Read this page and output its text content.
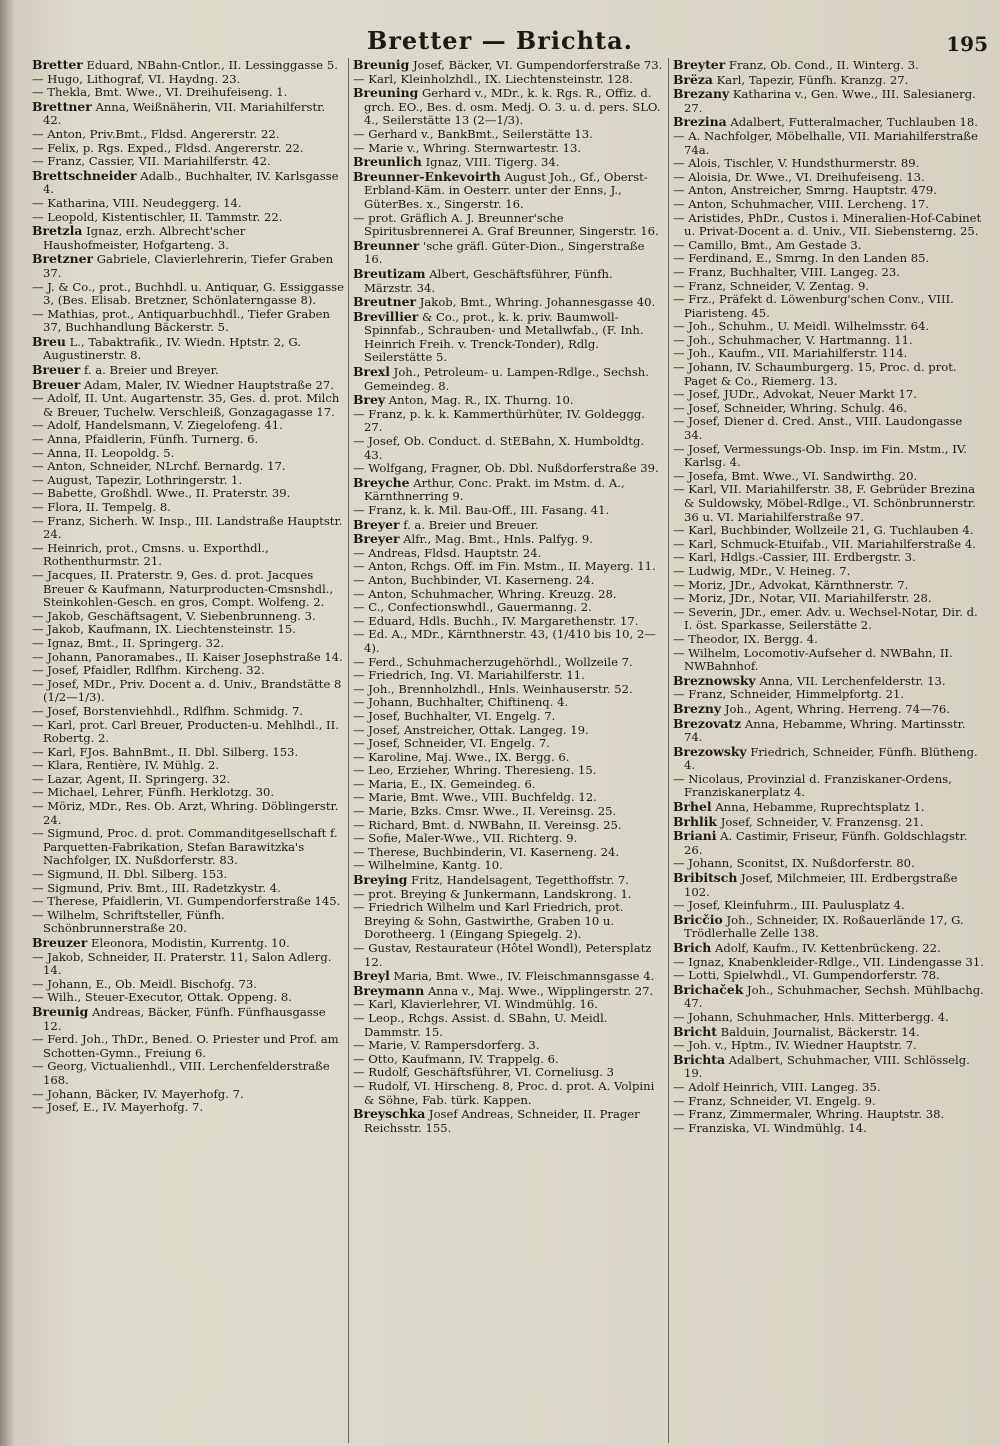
Bretter — Brichta.	195

Bretter Eduard, NBahn-Cntlor., II. Lessinggasse 5.

— Hugo, Lithograf, VI. Haydng. 23.

— Thekla, Bmt. Wwe., VI. Dreihufeiseng. 1.

Brettner Anna, Weißnäherin, VII. Mariahilferstr. 42.

— Anton, Priv.Bmt., Fldsd. Angererstr. 22.

— Felix, p. Rgs. Exped., Fldsd. Angererstr. 22.

— Franz, Cassier, VII. Mariahilferstr. 42.

Brettschneider Adalb., Buchhalter, IV. Karlsgasse 4.

— Katharina, VIII. Neudeggerg. 14.

— Leopold, Kistentischler, II. Tammstr. 22.

Bretzla Ignaz, erzh. Albrecht'scher Haushofmeister, Hofgarteng. 3.

Bretzner Gabriele, Clavierlehrerin, Tiefer Graben 37.

— J. & Co., prot., Buchhdl. u. Antiquar, G. Essiggasse 3, (Bes. Elisab. Bretzner, Schönlaterngasse 8).

— Mathias, prot., Antiquarbuchhdl., Tiefer Graben 37, Buchhandlung Bäckerstr. 5.

Breu L., Tabaktrafik., IV. Wiedn. Hptstr. 2, G. Augustinerstr. 8.

Breuer f. a. Breier und Breyer.

Breuer Adam, Maler, IV. Wiedner Hauptstraße 27.

— Adolf, II. Unt. Augartenstr. 35, Ges. d. prot. Milch & Breuer, Tuchelw. Verschleiß, Gonzagagasse 17.

— Adolf, Handelsmann, V. Ziegelofeng. 41.

— Anna, Pfaidlerin, Fünfh. Turnerg. 6.

— Anna, II. Leopoldg. 5.

— Anton, Schneider, NLrchf. Bernardg. 17.

— August, Tapezir, Lothringerstr. 1.

— Babette, Großhdl. Wwe., II. Praterstr. 39.

— Flora, II. Tempelg. 8.

— Franz, Sicherh. W. Insp., III. Landstraße Hauptstr. 24.

— Heinrich, prot., Cmsns. u. Exporthdl., Rothenthurmstr. 21.

— Jacques, II. Praterstr. 9, Ges. d. prot. Jacques Breuer & Kaufmann, Naturproducten-Cmsnshdl., Steinkohlen-Gesch. en gros, Compt. Wolfeng. 2.

— Jakob, Geschäftsagent, V. Siebenbrunneng. 3.

— Jakob, Kaufmann, IX. Liechtensteinstr. 15.

— Ignaz, Bmt., II. Springerg. 32.

— Johann, Panoramabes., II. Kaiser Josephstraße 14.

— Josef, Pfaidler, Rdlfhm. Kircheng. 32.

— Josef, MDr., Priv. Docent a. d. Univ., Brandstätte 8 (1/2—1/3).

— Josef, Borstenviehhdl., Rdlfhm. Schmidg. 7.

— Karl, prot. Carl Breuer, Producten-u. Mehlhdl., II. Robertg. 2.

— Karl, FJos. BahnBmt., II. Dbl. Silberg. 153.

— Klara, Rentière, IV. Mühlg. 2.

— Lazar, Agent, II. Springerg. 32.

— Michael, Lehrer, Fünfh. Herklotzg. 30.

— Möriz, MDr., Res. Ob. Arzt, Whring. Döblingerstr. 24.

— Sigmund, Proc. d. prot. Commanditgesellschaft f. Parquetten-Fabrikation, Stefan Barawitzka's Nachfolger, IX. Nußdorferstr. 83.

— Sigmund, II. Dbl. Silberg. 153.

— Sigmund, Priv. Bmt., III. Radetzkystr. 4.

— Therese, Pfaidlerin, VI. Gumpendorferstraße 145.

— Wilhelm, Schriftsteller, Fünfh. Schönbrunnerstraße 20.

Breuzer Eleonora, Modistin, Kurrentg. 10.

— Jakob, Schneider, II. Praterstr. 11, Salon Adlerg. 14.

— Johann, E., Ob. Meidl. Bischofg. 73.

— Wilh., Steuer-Executor, Ottak. Oppeng. 8.

Breunig Andreas, Bäcker, Fünfh. Fünfhausgasse 12.

— Ferd. Joh., ThDr., Bened. O. Priester und Prof. am Schotten-Gymn., Freiung 6.

— Georg, Victualienhdl., VIII. Lerchenfelderstraße 168.

— Johann, Bäcker, IV. Mayerhofg. 7.

— Josef, E., IV. Mayerhofg. 7.

Breunig Josef, Bäcker, VI. Gumpendorferstraße 73.

— Karl, Kleinholzhdl., IX. Liechtensteinstr. 128.

Breuning Gerhard v., MDr., k. k. Rgs. R., Offiz. d. grch. EO., Bes. d. osm. Medj. O. 3. u. d. pers. SLO. 4., Seilerstätte 13 (2—1/3).

— Gerhard v., BankBmt., Seilerstätte 13.

— Marie v., Whring. Sternwartestr. 13.

Breunlich Ignaz, VIII. Tigerg. 34.

Breunner-Enkevoirth August Joh., Gf., Oberst-Erbland-Käm. in Oesterr. unter der Enns, J., GüterBes. x., Singerstr. 16.

— prot. Gräflich A. J. Breunner'sche Spiritusbrennerei A. Graf Breunner, Singerstr. 16.

Breunner 'sche gräfl. Güter-Dion., Singerstraße 16.

Breutizam Albert, Geschäftsführer, Fünfh. Märzstr. 34.

Breutner Jakob, Bmt., Whring. Johannesgasse 40.

Brevillier & Co., prot., k. k. priv. Baumwoll-Spinnfab., Schrauben- und Metallwfab., (F. Inh. Heinrich Freih. v. Trenck-Tonder), Rdlg. Seilerstätte 5.

Brexl Joh., Petroleum- u. Lampen-Rdlge., Sechsh. Gemeindeg. 8.

Brey Anton, Mag. R., IX. Thurng. 10.

— Franz, p. k. k. Kammerthürhüter, IV. Goldeggg. 27.

— Josef, Ob. Conduct. d. StEBahn, X. Humboldtg. 43.

— Wolfgang, Fragner, Ob. Dbl. Nußdorferstraße 39.

Breyche Arthur, Conc. Prakt. im Mstm. d. A., Kärnthnerring 9.

— Franz, k. k. Mil. Bau-Off., III. Fasang. 41.

Breyer f. a. Breier und Breuer.

Breyer Alfr., Mag. Bmt., Hnls. Palfyg. 9.

— Andreas, Fldsd. Hauptstr. 24.

— Anton, Rchgs. Off. im Fin. Mstm., II. Mayerg. 11.

— Anton, Buchbinder, VI. Kaserneng. 24.

— Anton, Schuhmacher, Whring. Kreuzg. 28.

— C., Confectionswhdl., Gauermanng. 2.

— Eduard, Hdls. Buchh., IV. Margarethenstr. 17.

— Ed. A., MDr., Kärnthnerstr. 43, (1/410 bis 10, 2—4).

— Ferd., Schuhmacherzugehörhdl., Wollzeile 7.

— Friedrich, Ing. VI. Mariahilferstr. 11.

— Joh., Brennholzhdl., Hnls. Weinhauserstr. 52.

— Johann, Buchhalter, Chiftinenq. 4.

— Josef, Buchhalter, VI. Engelg. 7.

— Josef, Anstreicher, Ottak. Langeg. 19.

— Josef, Schneider, VI. Engelg. 7.

— Karoline, Maj. Wwe., IX. Bergg. 6.

— Leo, Erzieher, Whring. Theresieng. 15.

— Maria, E., IX. Gemeindeg. 6.

— Marie, Bmt. Wwe., VIII. Buchfeldg. 12.

— Marie, Bzks. Cmsr. Wwe., II. Vereinsg. 25.

— Richard, Bmt. d. NWBahn, II. Vereinsg. 25.

— Sofie, Maler-Wwe., VII. Richterg. 9.

— Therese, Buchbinderin, VI. Kaserneng. 24.

— Wilhelmine, Kantg. 10.

Breying Fritz, Handelsagent, Tegetthoffstr. 7.

— prot. Breying & Junkermann, Landskrong. 1.

— Friedrich Wilhelm und Karl Friedrich, prot. Breying & Sohn, Gastwirthe, Graben 10 u. Dorotheerg. 1 (Eingang Spiegelg. 2).

— Gustav, Restaurateur (Hôtel Wondl), Petersplatz 12.

Breyl Maria, Bmt. Wwe., IV. Fleischmannsgasse 4.

Breymann Anna v., Maj. Wwe., Wipplingerstr. 27.

— Karl, Klavierlehrer, VI. Windmühlg. 16.

— Leop., Rchgs. Assist. d. SBahn, U. Meidl. Dammstr. 15.

— Marie, V. Rampersdorferg. 3.

— Otto, Kaufmann, IV. Trappelg. 6.

— Rudolf, Geschäftsführer, VI. Corneliusg. 3

— Rudolf, VI. Hirscheng. 8, Proc. d. prot. A. Volpini & Söhne, Fab. türk. Kappen.

Breyschka Josef Andreas, Schneider, II. Prager Reichsstr. 155.

Breyter Franz, Ob. Cond., II. Winterg. 3.

Brëza Karl, Tapezir, Fünfh. Kranzg. 27.

Brezany Katharina v., Gen. Wwe., III. Salesianerg. 27.

Brezina Adalbert, Futteralmacher, Tuchlauben 18.

— A. Nachfolger, Möbelhalle, VII. Mariahilferstraße 74a.

— Alois, Tischler, V. Hundsthurmerstr. 89.

— Aloisia, Dr. Wwe., VI. Dreihufeiseng. 13.

— Anton, Anstreicher, Smrng. Hauptstr. 479.

— Anton, Schuhmacher, VIII. Lercheng. 17.

— Aristides, PhDr., Custos i. Mineralien-Hof-Cabinet u. Privat-Docent a. d. Univ., VII. Siebensterng. 25.

— Camillo, Bmt., Am Gestade 3.

— Ferdinand, E., Smrng. In den Landen 85.

— Franz, Buchhalter, VIII. Langeg. 23.

— Franz, Schneider, V. Zentag. 9.

— Frz., Präfekt d. Löwenburg'schen Conv., VIII. Piaristeng. 45.

— Joh., Schuhm., U. Meidl. Wilhelmsstr. 64.

— Joh., Schuhmacher, V. Hartmanng. 11.

— Joh., Kaufm., VII. Mariahilferstr. 114.

— Johann, IV. Schaumburgerg. 15, Proc. d. prot. Paget & Co., Riemerg. 13.

— Josef, JUDr., Advokat, Neuer Markt 17.

— Josef, Schneider, Whring. Schulg. 46.

— Josef, Diener d. Cred. Anst., VIII. Laudongasse 34.

— Josef, Vermessungs-Ob. Insp. im Fin. Mstm., IV. Karlsg. 4.

— Josefa, Bmt. Wwe., VI. Sandwirthg. 20.

— Karl, VII. Mariahilferstr. 38, F. Gebrüder Brezina & Suldowsky, Möbel-Rdlge., VI. Schönbrunnerstr. 36 u. VI. Mariahilferstraße 97.

— Karl, Buchbinder, Wollzeile 21, G. Tuchlauben 4.

— Karl, Schmuck-Etuifab., VII. Mariahilferstraße 4.

— Karl, Hdlgs.-Cassier, III. Erdbergstr. 3.

— Ludwig, MDr., V. Heineg. 7.

— Moriz, JDr., Advokat, Kärnthnerstr. 7.

— Moriz, JDr., Notar, VII. Mariahilferstr. 28.

— Severin, JDr., emer. Adv. u. Wechsel-Notar, Dir. d. I. öst. Sparkasse, Seilerstätte 2.

— Theodor, IX. Bergg. 4.

— Wilhelm, Locomotiv-Aufseher d. NWBahn, II. NWBahnhof.

Breznowsky Anna, VII. Lerchenfelderstr. 13.

— Franz, Schneider, Himmelpfortg. 21.

Brezny Joh., Agent, Whring. Herreng. 74—76.

Brezovatz Anna, Hebamme, Whring. Martinsstr. 74.

Brezowsky Friedrich, Schneider, Fünfh. Blütheng. 4.

— Nicolaus, Provinzial d. Franziskaner-Ordens, Franziskanerplatz 4.

Brhel Anna, Hebamme, Ruprechtsplatz 1.

Brhlik Josef, Schneider, V. Franzensg. 21.

Briani A. Castimir, Friseur, Fünfh. Goldschlagstr. 26.

— Johann, Sconitst, IX. Nußdorferstr. 80.

Bribitsch Josef, Milchmeier, III. Erdbergstraße 102.

— Josef, Kleinfuhrm., III. Paulusplatz 4.

Bricčio Joh., Schneider, IX. Roßauerlände 17, G. Trödlerhalle Zelle 138.

Brich Adolf, Kaufm., IV. Kettenbrückeng. 22.

— Ignaz, Knabenkleider-Rdlge., VII. Lindengasse 31.

— Lotti, Spielwhdl., VI. Gumpendorferstr. 78.

Brichaček Joh., Schuhmacher, Sechsh. Mühlbachg. 47.

— Johann, Schuhmacher, Hnls. Mitterbergg. 4.

Bricht Balduin, Journalist, Bäckerstr. 14.

— Joh. v., Hptm., IV. Wiedner Hauptstr. 7.

Brichta Adalbert, Schuhmacher, VIII. Schlösselg. 19.

— Adolf Heinrich, VIII. Langeg. 35.

— Franz, Schneider, VI. Engelg. 9.

— Franz, Zimmermaler, Whring. Hauptstr. 38.

— Franziska, VI. Windmühlg. 14.
